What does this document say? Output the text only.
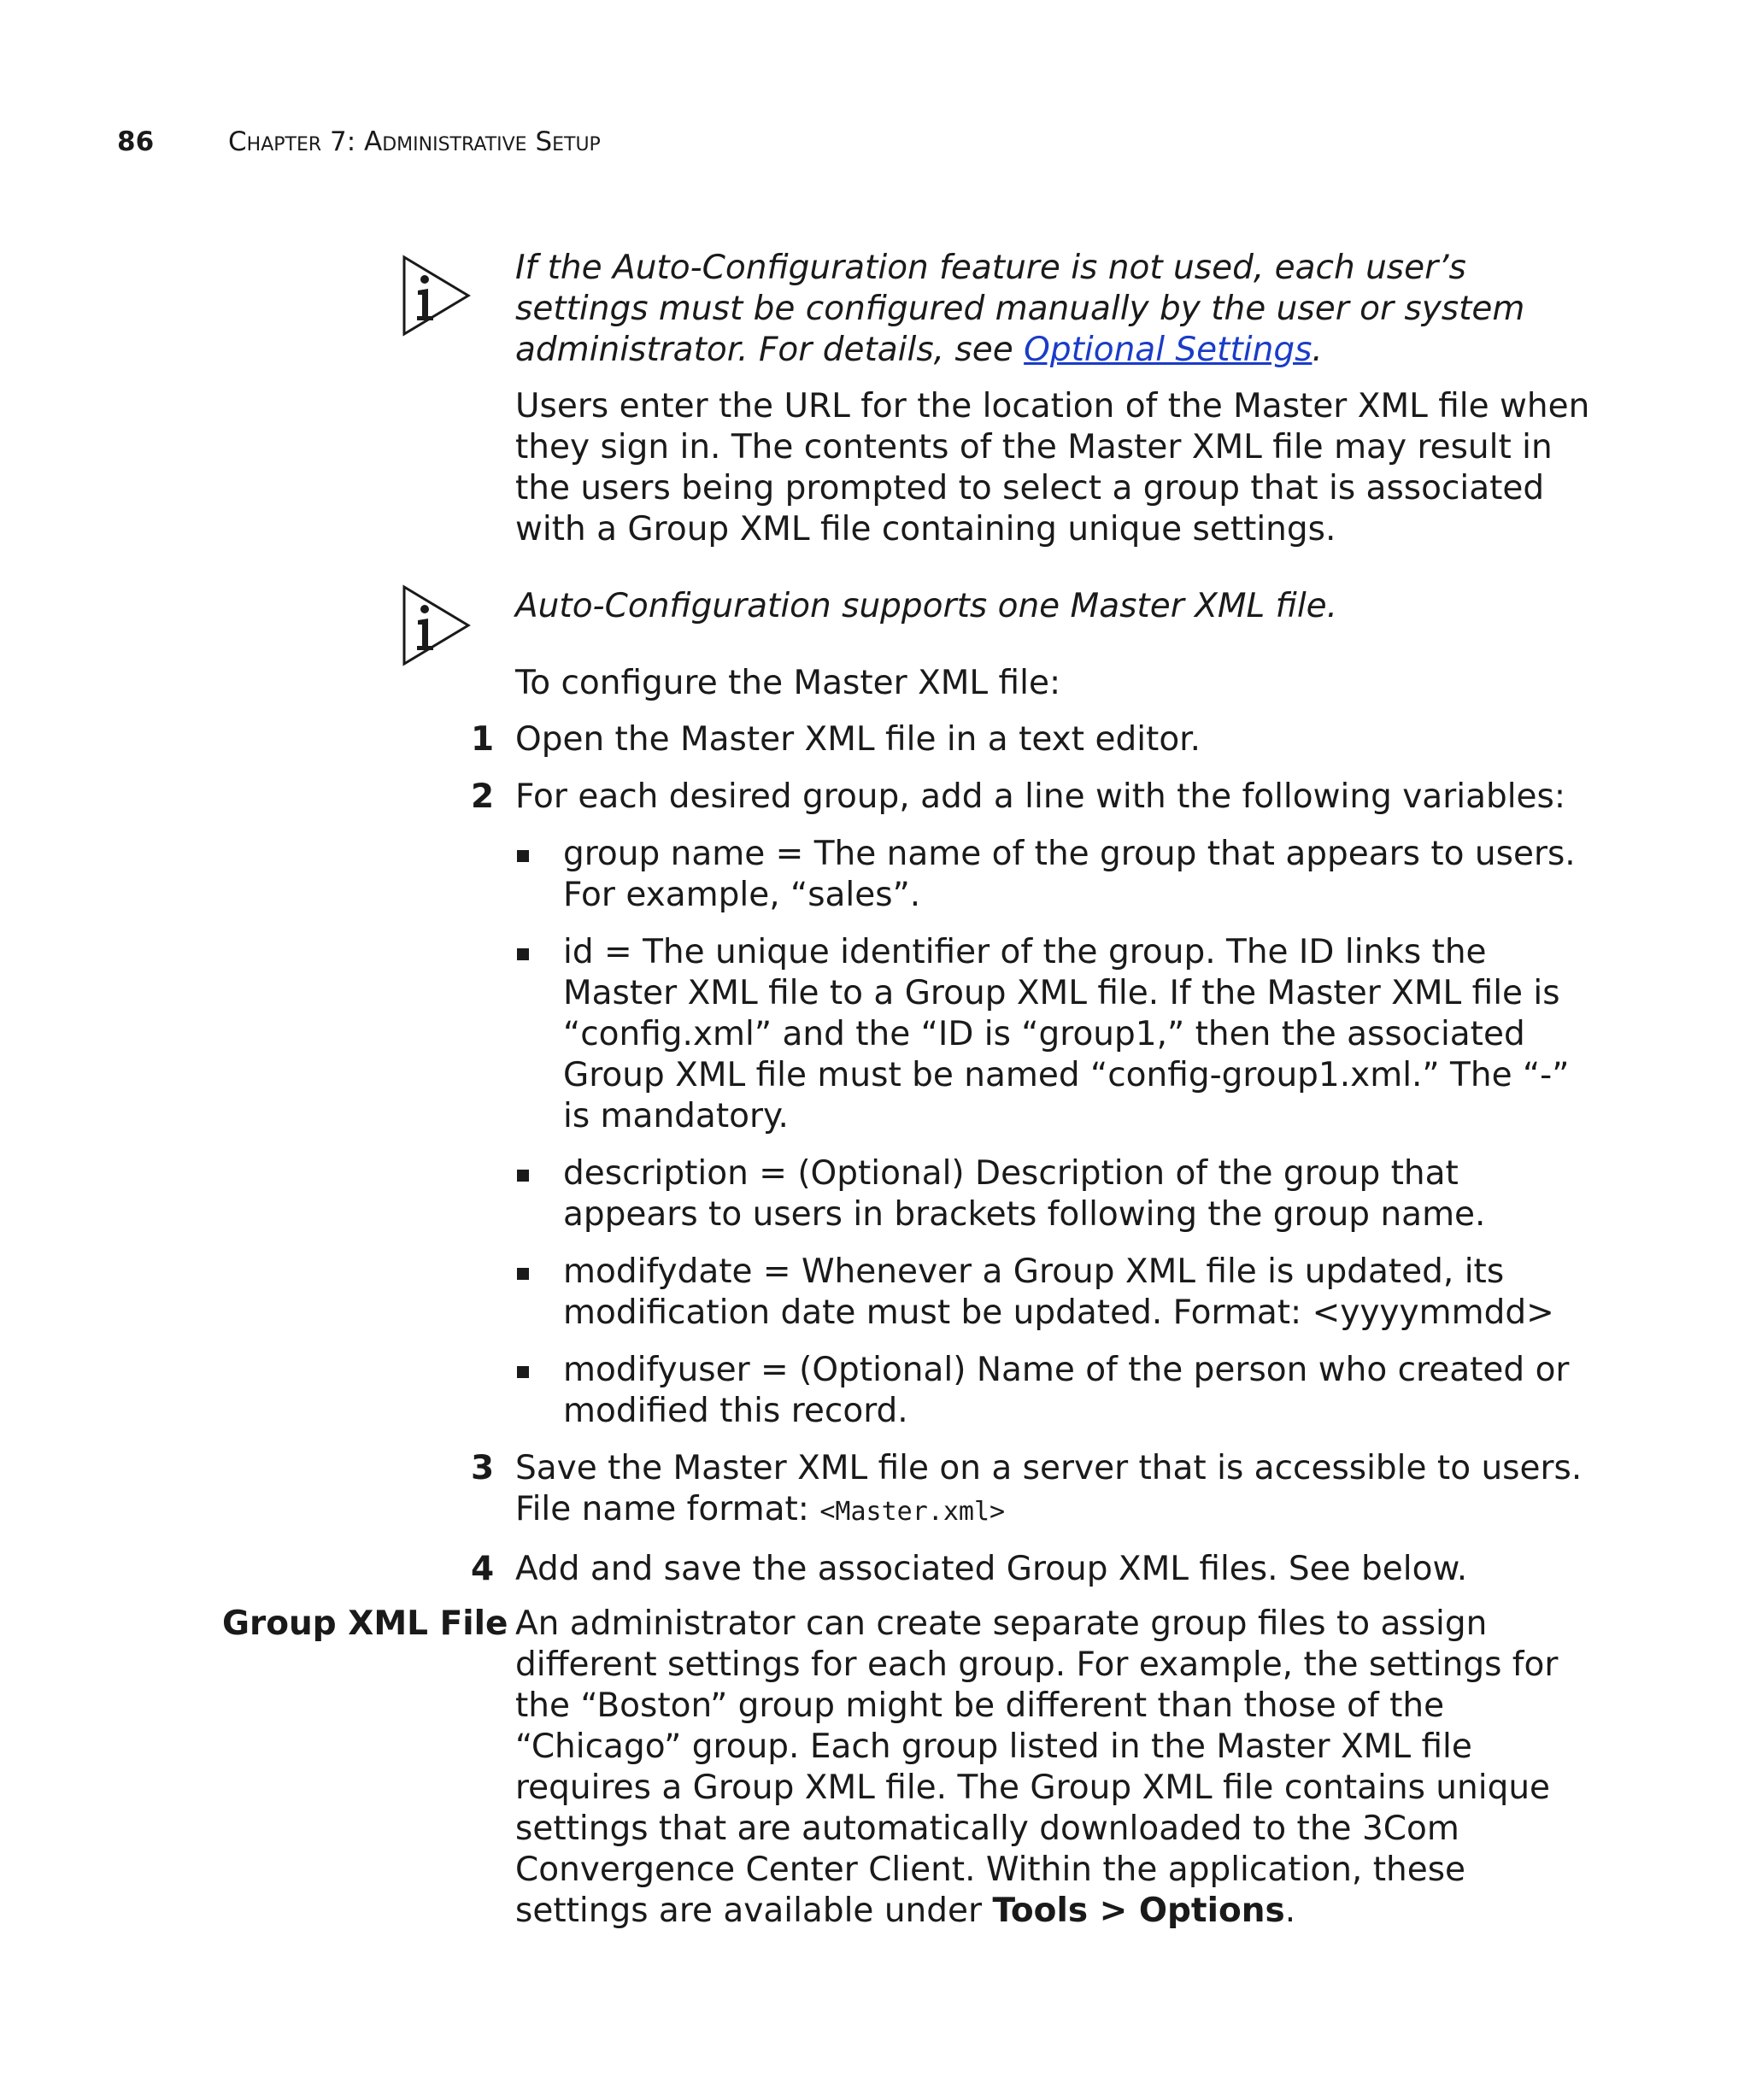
86	Chapter 7: Administrative Setup

If the Auto-Configuration feature is not used, each user’s settings must be configured manually by the user or system administrator. For details, see Optional Settings.

Users enter the URL for the location of the Master XML file when they sign in. The contents of the Master XML file may result in the users being prompted to select a group that is associated with a Group XML file containing unique settings.

Auto-Configuration supports one Master XML file.

To configure the Master XML file:

1 Open the Master XML file in a text editor.
2 For each desired group, add a line with the following variables:
group name = The name of the group that appears to users. For example, “sales”.
id = The unique identifier of the group. The ID links the Master XML file to a Group XML file. If the Master XML file is “config.xml” and the “ID is “group1,” then the associated Group XML file must be named “config-group1.xml.” The “-” is mandatory.
description = (Optional) Description of the group that appears to users in brackets following the group name.
modifydate = Whenever a Group XML file is updated, its modification date must be updated. Format: <yyyymmdd>
modifyuser = (Optional) Name of the person who created or modified this record.
3 Save the Master XML file on a server that is accessible to users.
File name format: <Master.xml>
4 Add and save the associated Group XML files. See below.
Group XML File An administrator can create separate group files to assign different settings for each group. For example, the settings for the “Boston” group might be different than those of the “Chicago” group. Each group listed in the Master XML file requires a Group XML file. The Group XML file contains unique settings that are automatically downloaded to the 3Com Convergence Center Client. Within the application, these settings are available under Tools > Options.
